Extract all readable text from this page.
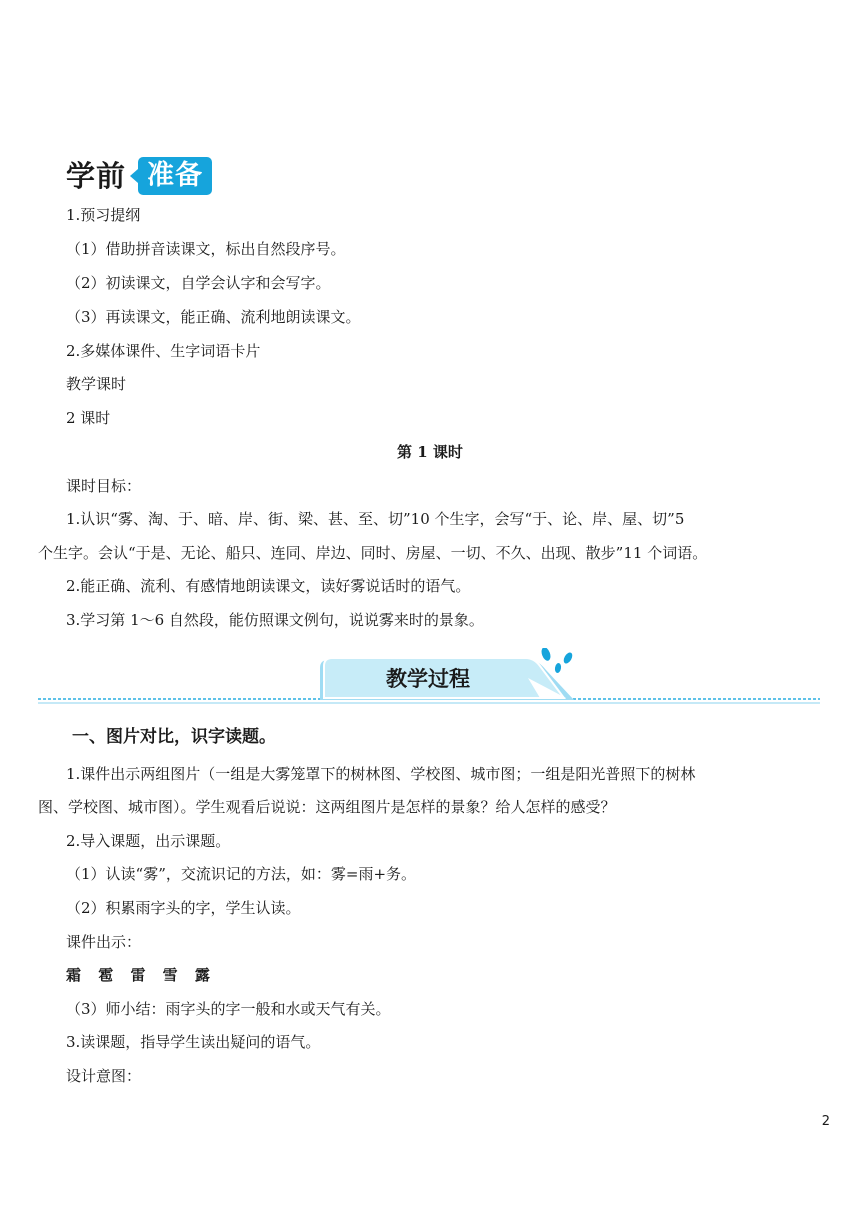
学前 准备
1.预习提纲
（1）借助拼音读课文，标出自然段序号。
（2）初读课文，自学会认字和会写字。
（3）再读课文，能正确、流利地朗读课文。
2.多媒体课件、生字词语卡片
教学课时
2 课时
第 1 课时
课时目标：
1.认识“雾、淘、于、暗、岸、街、梁、甚、至、切”10 个生字，会写“于、论、岸、屋、切”5
个生字。会认“于是、无论、船只、连同、岸边、同时、房屋、一切、不久、出现、散步”11 个词语。
2.能正确、流利、有感情地朗读课文，读好雾说话时的语气。
3.学习第 1～6 自然段，能仿照课文例句，说说雾来时的景象。
教学过程
一、图片对比，识字读题。
1.课件出示两组图片（一组是大雾笼罩下的树林图、学校图、城市图；一组是阳光普照下的树林
图、学校图、城市图）。学生观看后说说：这两组图片是怎样的景象？给人怎样的感受？
2.导入课题，出示课题。
（1）认读“雾”，交流识记的方法，如：雾=雨+务。
（2）积累雨字头的字，学生认读。
课件出示：
霜 雹 雷 雪 露
（3）师小结：雨字头的字一般和水或天气有关。
3.读课题，指导学生读出疑问的语气。
设计意图：
2
